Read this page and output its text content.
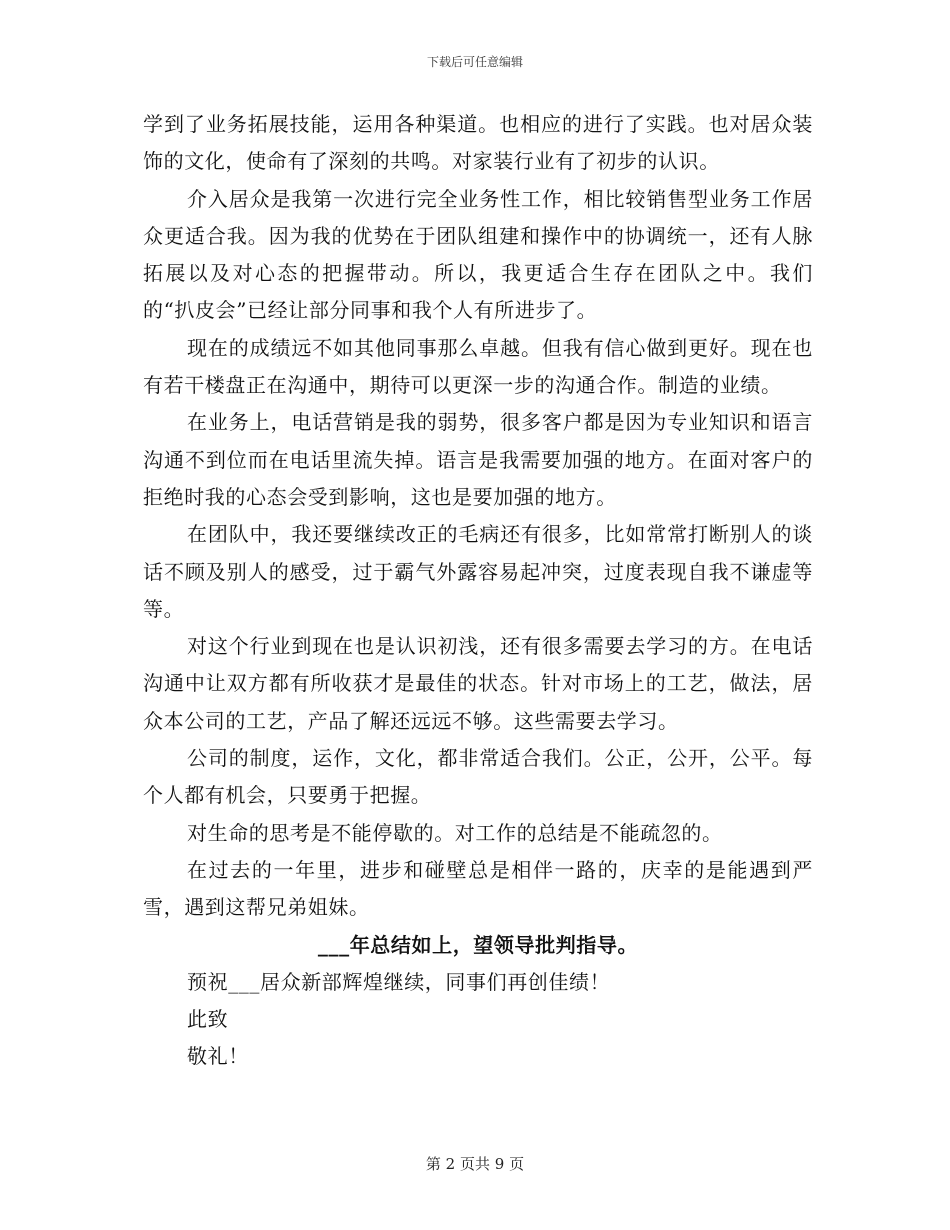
下载后可任意编辑

学到了业务拓展技能，运用各种渠道。也相应的进行了实践。也对居众装饰的文化，使命有了深刻的共鸣。对家装行业有了初步的认识。

介入居众是我第一次进行完全业务性工作，相比较销售型业务工作居众更适合我。因为我的优势在于团队组建和操作中的协调统一，还有人脉拓展以及对心态的把握带动。所以，我更适合生存在团队之中。我们的“扒皮会”已经让部分同事和我个人有所进步了。

现在的成绩远不如其他同事那么卓越。但我有信心做到更好。现在也有若干楼盘正在沟通中，期待可以更深一步的沟通合作。制造的业绩。

在业务上，电话营销是我的弱势，很多客户都是因为专业知识和语言沟通不到位而在电话里流失掉。语言是我需要加强的地方。在面对客户的拒绝时我的心态会受到影响，这也是要加强的地方。

在团队中，我还要继续改正的毛病还有很多，比如常常打断别人的谈话不顾及别人的感受，过于霸气外露容易起冲突，过度表现自我不谦虚等等。

对这个行业到现在也是认识初浅，还有很多需要去学习的方。在电话沟通中让双方都有所收获才是最佳的状态。针对市场上的工艺，做法，居众本公司的工艺，产品了解还远远不够。这些需要去学习。

公司的制度，运作，文化，都非常适合我们。公正，公开，公平。每个人都有机会，只要勇于把握。

对生命的思考是不能停歇的。对工作的总结是不能疏忽的。

在过去的一年里，进步和碰壁总是相伴一路的，庆幸的是能遇到严雪，遇到这帮兄弟姐妹。

___年总结如上，望领导批判指导。

预祝___居众新部辉煌继续，同事们再创佳绩！

此致

敬礼！

第 2 页共 9 页
